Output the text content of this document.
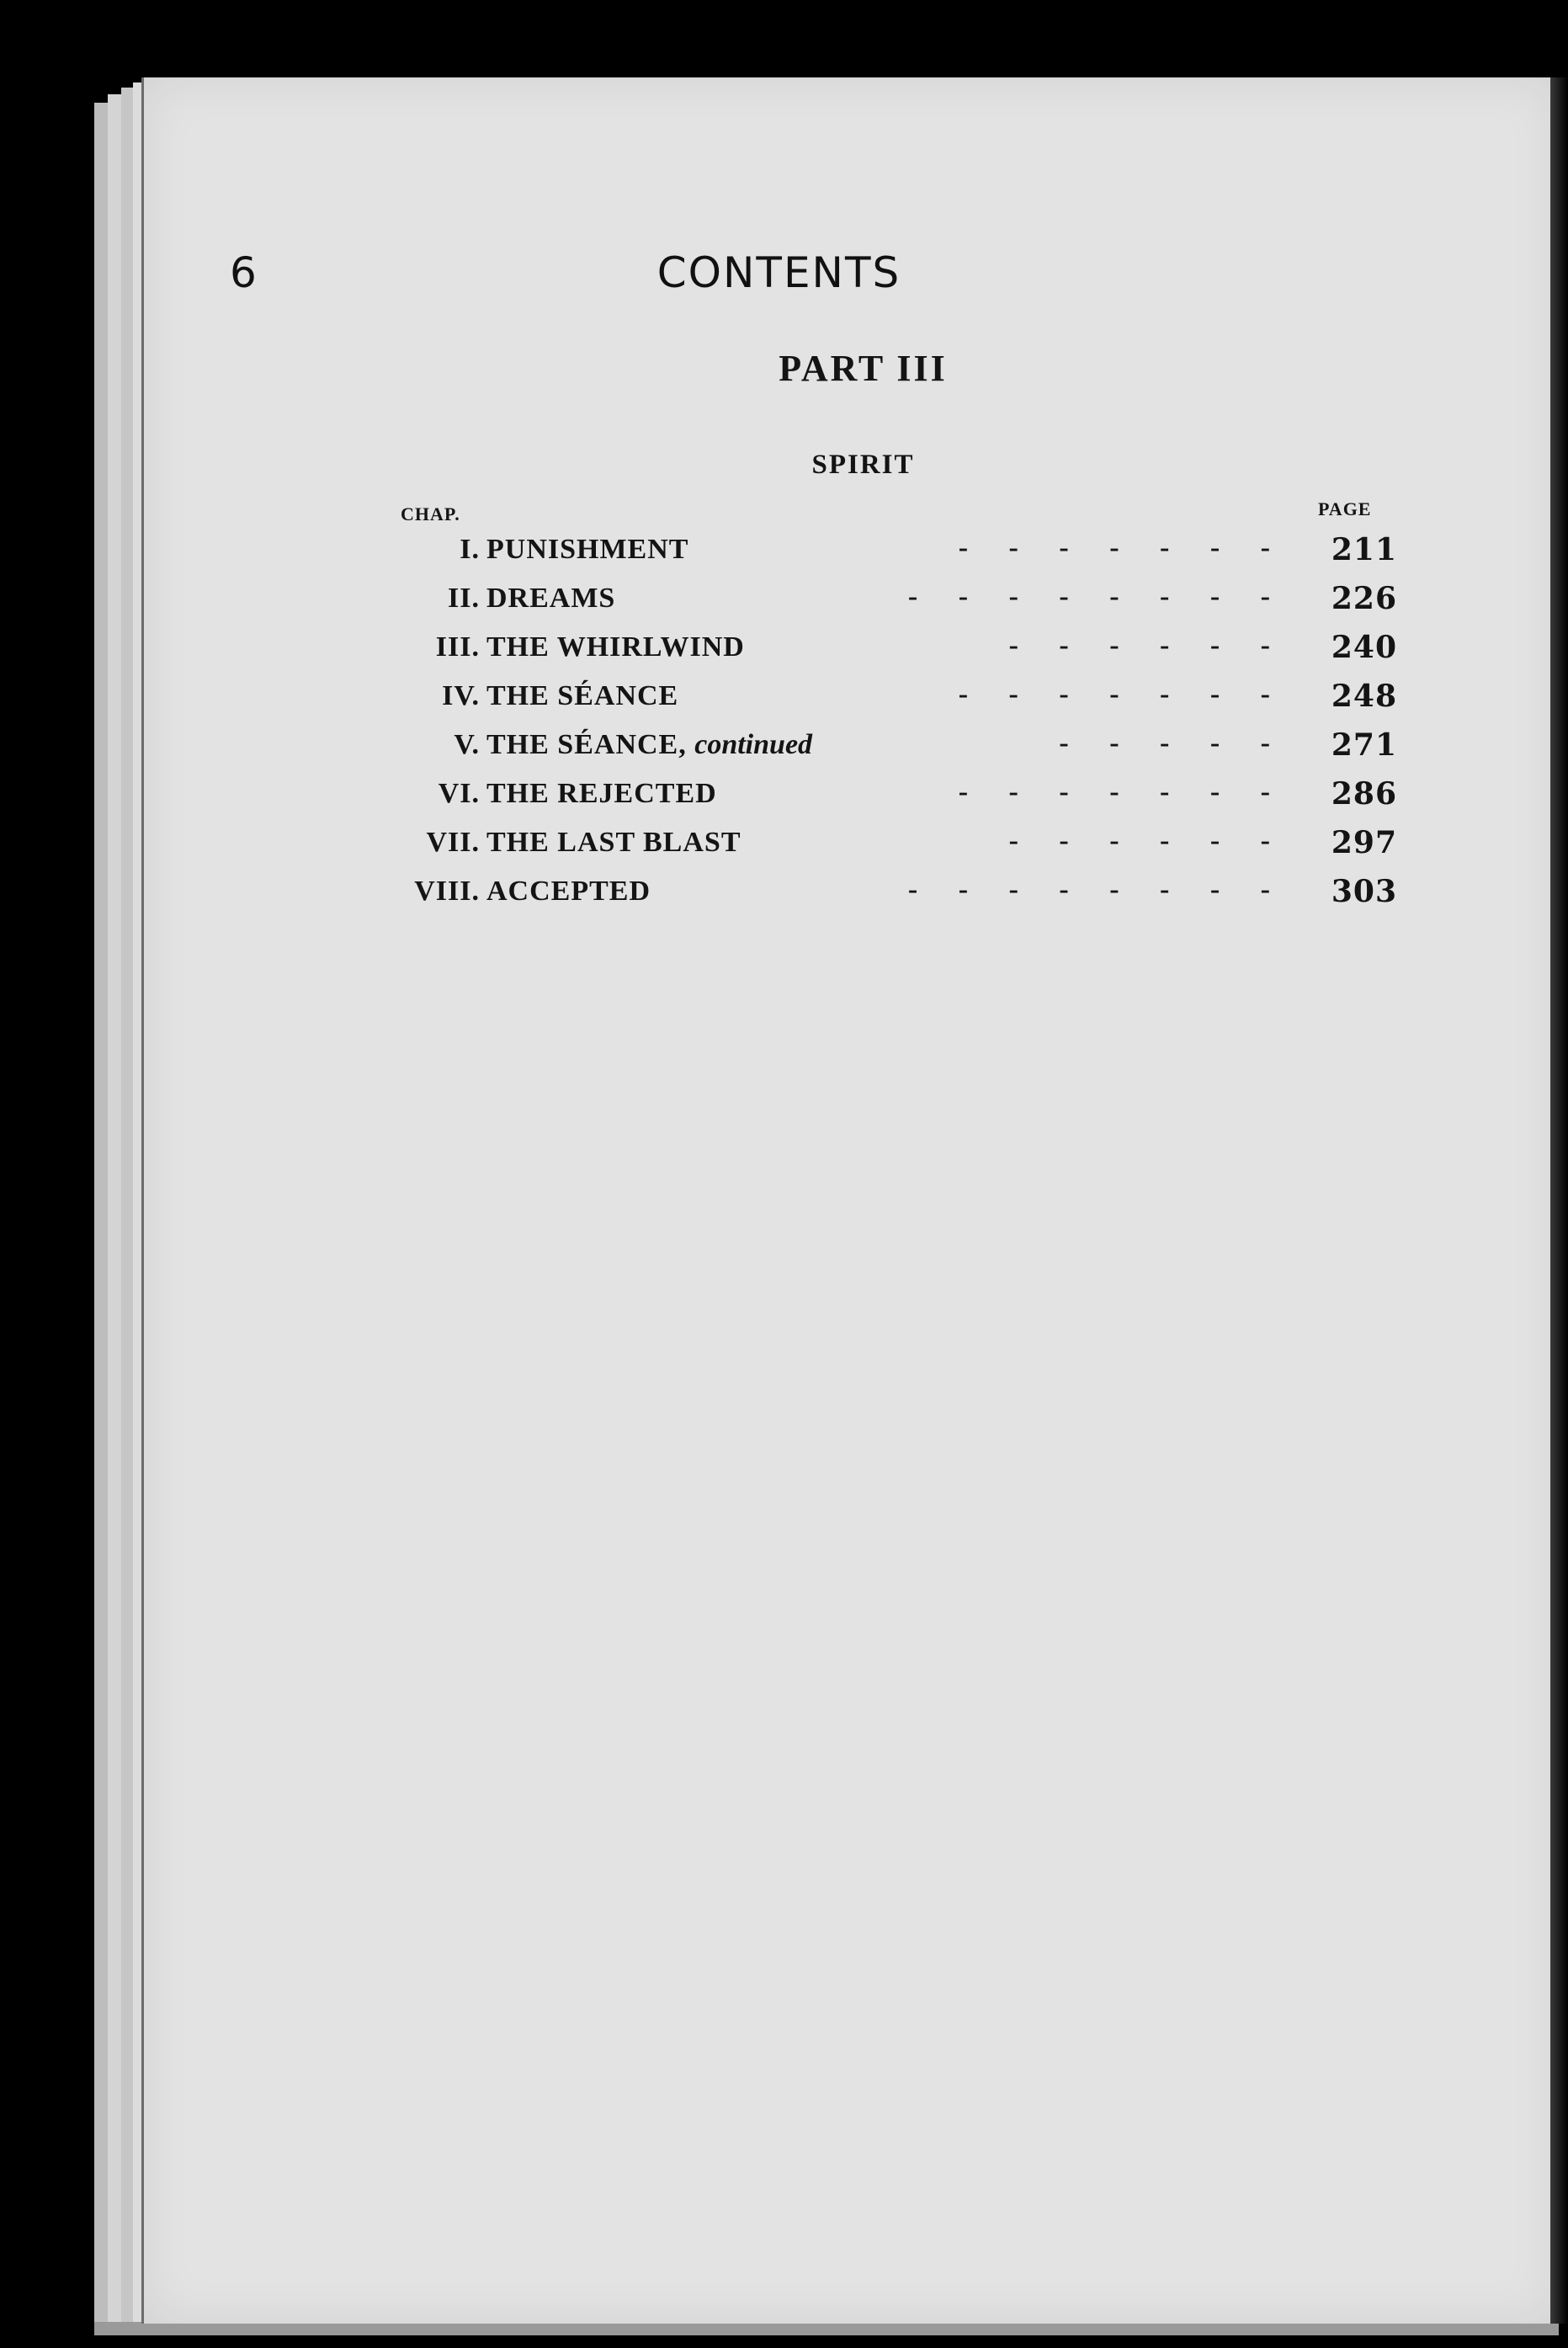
6	CONTENTS
PART III
SPIRIT
CHAP.	PAGE
I. PUNISHMENT	-     -     -     -     -     -     - 211
II. DREAMS	-     -     -     -     -     -     -     - 226
III. THE WHIRLWIND	-     -     -     -     -     - 240
IV. THE SÉANCE	-     -     -     -     -     -     - 248
V. THE SÉANCE, continued	-     -     -     -     - 271
VI. THE REJECTED	-     -     -     -     -     -     - 286
VII. THE LAST BLAST	-     -     -     -     -     - 297
VIII. ACCEPTED	-     -     -     -     -     -     -     - 303
